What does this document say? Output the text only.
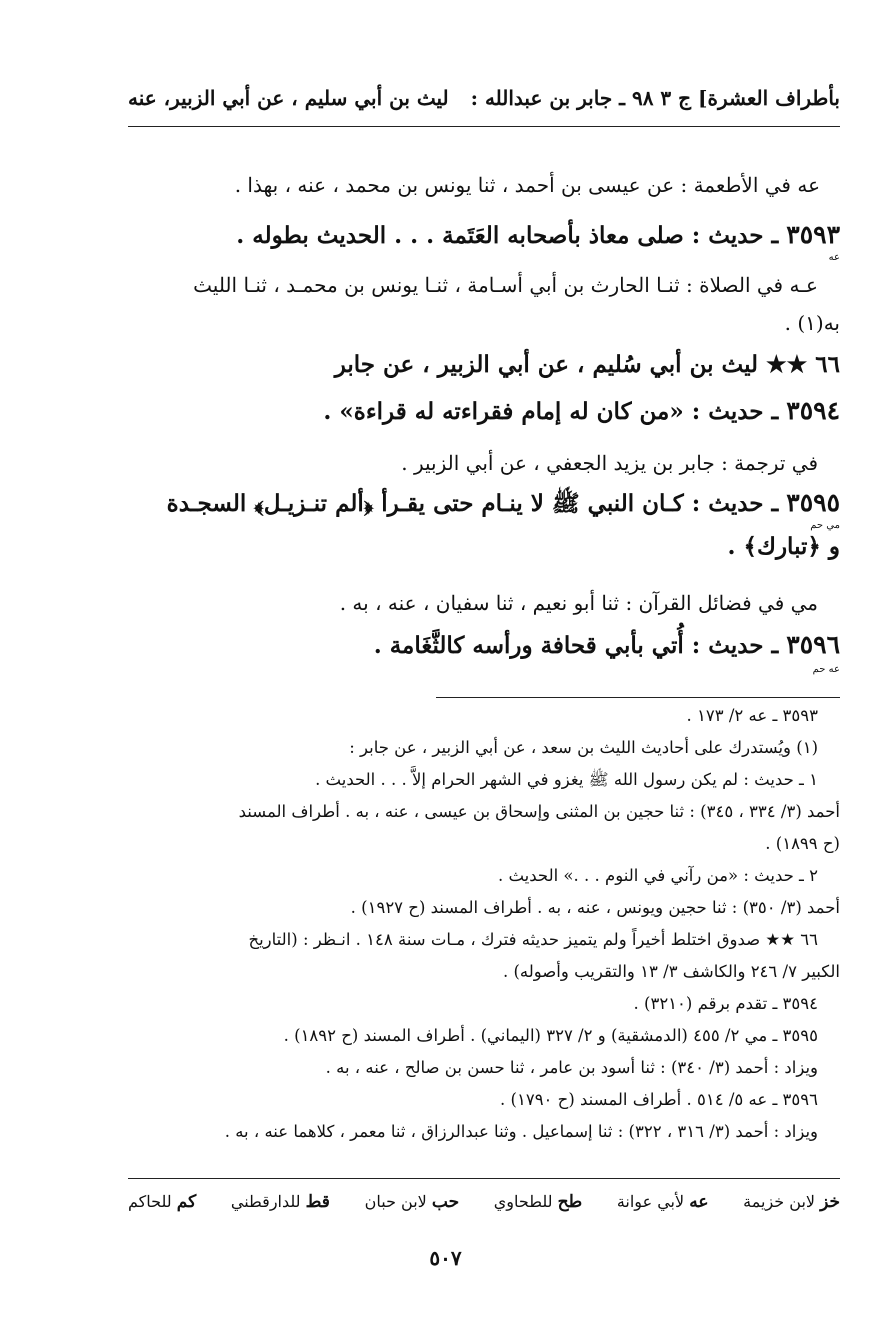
بأطراف العشرة] ج ٣ ٩٨ ـ جابر بن عبدالله :
ليث بن أبي سليم ، عن أبي الزبير، عنه
عه في الأطعمة : عن عيسى بن أحمد ، ثنا يونس بن محمد ، عنه ، بهذا .
٣٥٩٣ ـ حديث : صلى معاذ بأصحابه العَتَمة . . . الحديث بطوله .
عه
عـه في الصلاة : ثنـا الحارث بن أبي أسـامة ، ثنـا يونس بن محمـد ، ثنـا الليث
به(١) .
٦٦ ★★ ليث بن أبي سُليم ، عن أبي الزبير ، عن جابر
٣٥٩٤ ـ حديث : «من كان له إمام فقراءته له قراءة» .
في ترجمة : جابر بن يزيد الجعفي ، عن أبي الزبير .
٣٥٩٥ ـ حديث : كـان النبي ﷺ لا ينـام حتى يقـرأ ﴿ألم تنـزيـل﴾ السجـدة
مي حم
و ﴿تبارك﴾ .
مي في فضائل القرآن : ثنا أبو نعيم ، ثنا سفيان ، عنه ، به .
٣٥٩٦ ـ حديث : أُتي بأبي قحافة ورأسه كالثَّغَامة .
عه حم
٣٥٩٣ ـ عه ٢/ ١٧٣ .
(١) ويُستدرك على أحاديث الليث بن سعد ، عن أبي الزبير ، عن جابر :
١ ـ حديث : لم يكن رسول الله ﷺ يغزو في الشهر الحرام إلاَّ . . . الحديث .
أحمد (٣/ ٣٣٤ ، ٣٤٥) : ثنا حجين بن المثنى وإسحاق بن عيسى ، عنه ، به . أطراف المسند
(ح ١٨٩٩) .
٢ ـ حديث : «من رآني في النوم . . .» الحديث .
أحمد (٣/ ٣٥٠) : ثنا حجين ويونس ، عنه ، به . أطراف المسند (ح ١٩٢٧) .
٦٦ ★★ صدوق اختلط أخيراً ولم يتميز حديثه فترك ، مـات سنة ١٤٨ . انـظر : (التاريخ
الكبير ٧/ ٢٤٦ والكاشف ٣/ ١٣ والتقريب وأصوله) .
٣٥٩٤ ـ تقدم برقم (٣٢١٠) .
٣٥٩٥ ـ مي ٢/ ٤٥٥ (الدمشقية) و ٢/ ٣٢٧ (اليماني) . أطراف المسند (ح ١٨٩٢) .
ويزاد : أحمد (٣/ ٣٤٠) : ثنا أسود بن عامر ، ثنا حسن بن صالح ، عنه ، به .
٣٥٩٦ ـ عه ٥/ ٥١٤ . أطراف المسند (ح ١٧٩٠) .
ويزاد : أحمد (٣/ ٣١٦ ، ٣٢٢) : ثنا إسماعيل . وثنا عبدالرزاق ، ثنا معمر ، كلاهما عنه ، به .
خز لابن خزيمة
عه لأبي عوانة
طح للطحاوي
حب لابن حبان
قط للدارقطني
كم للحاكم
٥٠٧
